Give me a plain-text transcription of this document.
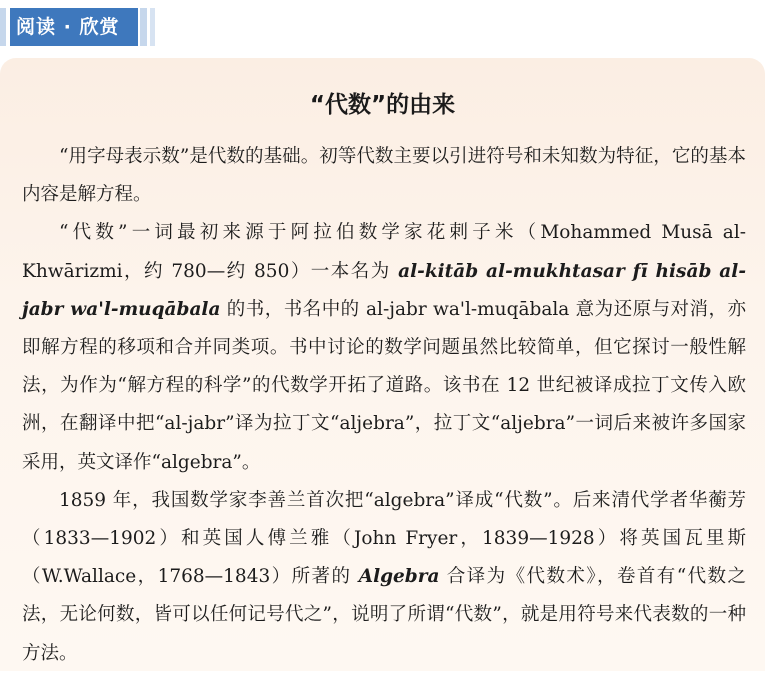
阅读 · 欣赏
“代数”的由来

“用字母表示数”是代数的基础。初等代数主要以引进符号和未知数为特征，它的基本内容是解方程。

“代数”一词最初来源于阿拉伯数学家花剌子米（Mohammed Musā al-Khwārizmi，约 780—约 850）一本名为 al-kitāb al-mukhtasar fī hisāb al-jabr wa'l-muqābala 的书，书名中的 al-jabr wa'l-muqābala 意为还原与对消，亦即解方程的移项和合并同类项。书中讨论的数学问题虽然比较简单，但它探讨一般性解法，为作为“解方程的科学”的代数学开拓了道路。该书在 12 世纪被译成拉丁文传入欧洲，在翻译中把“al-jabr”译为拉丁文“aljebra”，拉丁文“aljebra”一词后来被许多国家采用，英文译作“algebra”。

1859 年，我国数学家李善兰首次把“algebra”译成“代数”。后来清代学者华蘅芳（1833—1902）和英国人傅兰雅（John Fryer，1839—1928）将英国瓦里斯（W.Wallace，1768—1843）所著的 Algebra 合译为《代数术》，卷首有“代数之法，无论何数，皆可以任何记号代之”，说明了所谓“代数”，就是用符号来代表数的一种方法。
